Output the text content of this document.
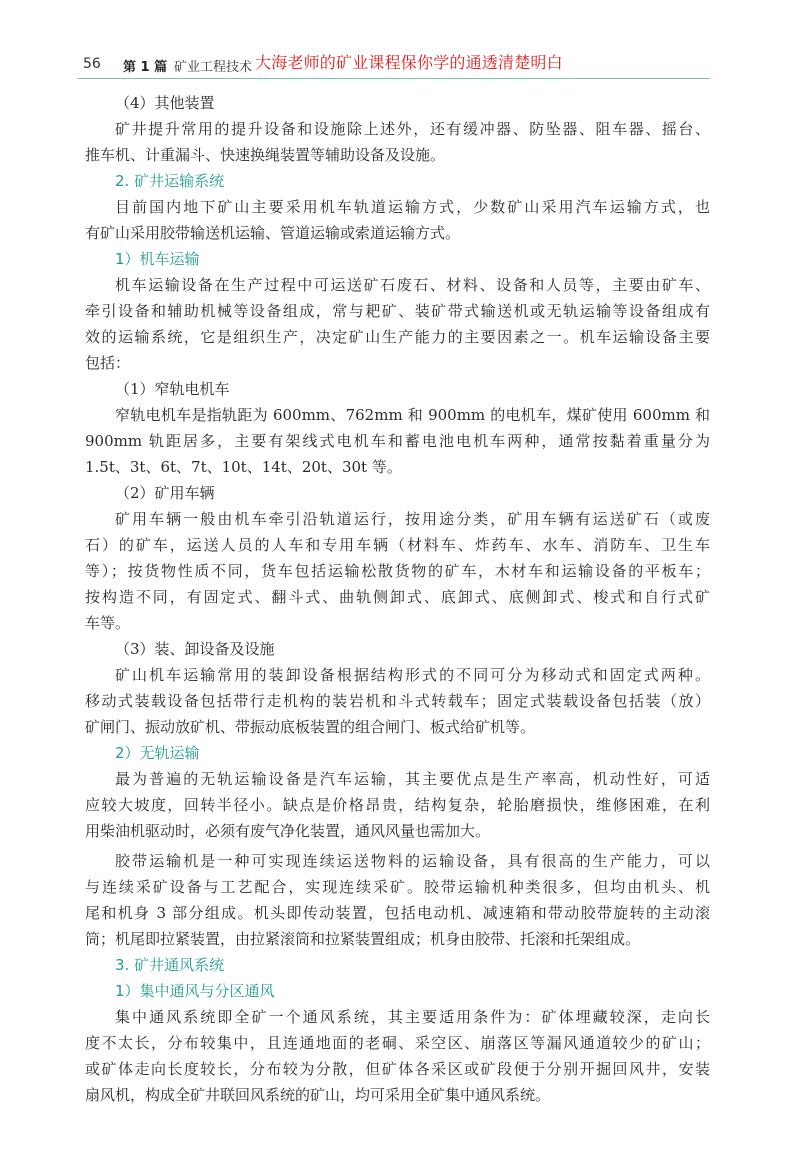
56 第 1 篇 矿业工程技术 大海老师的矿业课程保你学的通透清楚明白
（4）其他装置
矿井提升常用的提升设备和设施除上述外，还有缓冲器、防坠器、阻车器、摇台、
推车机、计重漏斗、快速换绳装置等辅助设备及设施。
2. 矿井运输系统
目前国内地下矿山主要采用机车轨道运输方式，少数矿山采用汽车运输方式，也
有矿山采用胶带输送机运输、管道运输或索道运输方式。
1）机车运输
机车运输设备在生产过程中可运送矿石废石、材料、设备和人员等，主要由矿车、
牵引设备和辅助机械等设备组成，常与耙矿、装矿带式输送机或无轨运输等设备组成有
效的运输系统，它是组织生产，决定矿山生产能力的主要因素之一。机车运输设备主要
包括：
（1）窄轨电机车
窄轨电机车是指轨距为 600mm、762mm 和 900mm 的电机车，煤矿使用 600mm 和
900mm 轨距居多，主要有架线式电机车和蓄电池电机车两种，通常按黏着重量分为
1.5t、3t、6t、7t、10t、14t、20t、30t 等。
（2）矿用车辆
矿用车辆一般由机车牵引沿轨道运行，按用途分类，矿用车辆有运送矿石（或废
石）的矿车，运送人员的人车和专用车辆（材料车、炸药车、水车、消防车、卫生车
等）；按货物性质不同，货车包括运输松散货物的矿车，木材车和运输设备的平板车；
按构造不同，有固定式、翻斗式、曲轨侧卸式、底卸式、底侧卸式、梭式和自行式矿
车等。
（3）装、卸设备及设施
矿山机车运输常用的装卸设备根据结构形式的不同可分为移动式和固定式两种。
移动式装载设备包括带行走机构的装岩机和斗式转载车；固定式装载设备包括装（放）
矿闸门、振动放矿机、带振动底板装置的组合闸门、板式给矿机等。
2）无轨运输
最为普遍的无轨运输设备是汽车运输，其主要优点是生产率高，机动性好，可适
应较大坡度，回转半径小。缺点是价格昂贵，结构复杂，轮胎磨损快，维修困难，在利
用柴油机驱动时，必须有废气净化装置，通风风量也需加大。
胶带运输机是一种可实现连续运送物料的运输设备，具有很高的生产能力，可以
与连续采矿设备与工艺配合，实现连续采矿。胶带运输机种类很多，但均由机头、机
尾和机身 3 部分组成。机头即传动装置，包括电动机、减速箱和带动胶带旋转的主动滚
筒；机尾即拉紧装置，由拉紧滚筒和拉紧装置组成；机身由胶带、托滚和托架组成。
3. 矿井通风系统
1）集中通风与分区通风
集中通风系统即全矿一个通风系统，其主要适用条件为：矿体埋藏较深，走向长
度不太长，分布较集中，且连通地面的老硐、采空区、崩落区等漏风通道较少的矿山；
或矿体走向长度较长，分布较为分散，但矿体各采区或矿段便于分别开掘回风井，安装
扇风机，构成全矿井联回风系统的矿山，均可采用全矿集中通风系统。
